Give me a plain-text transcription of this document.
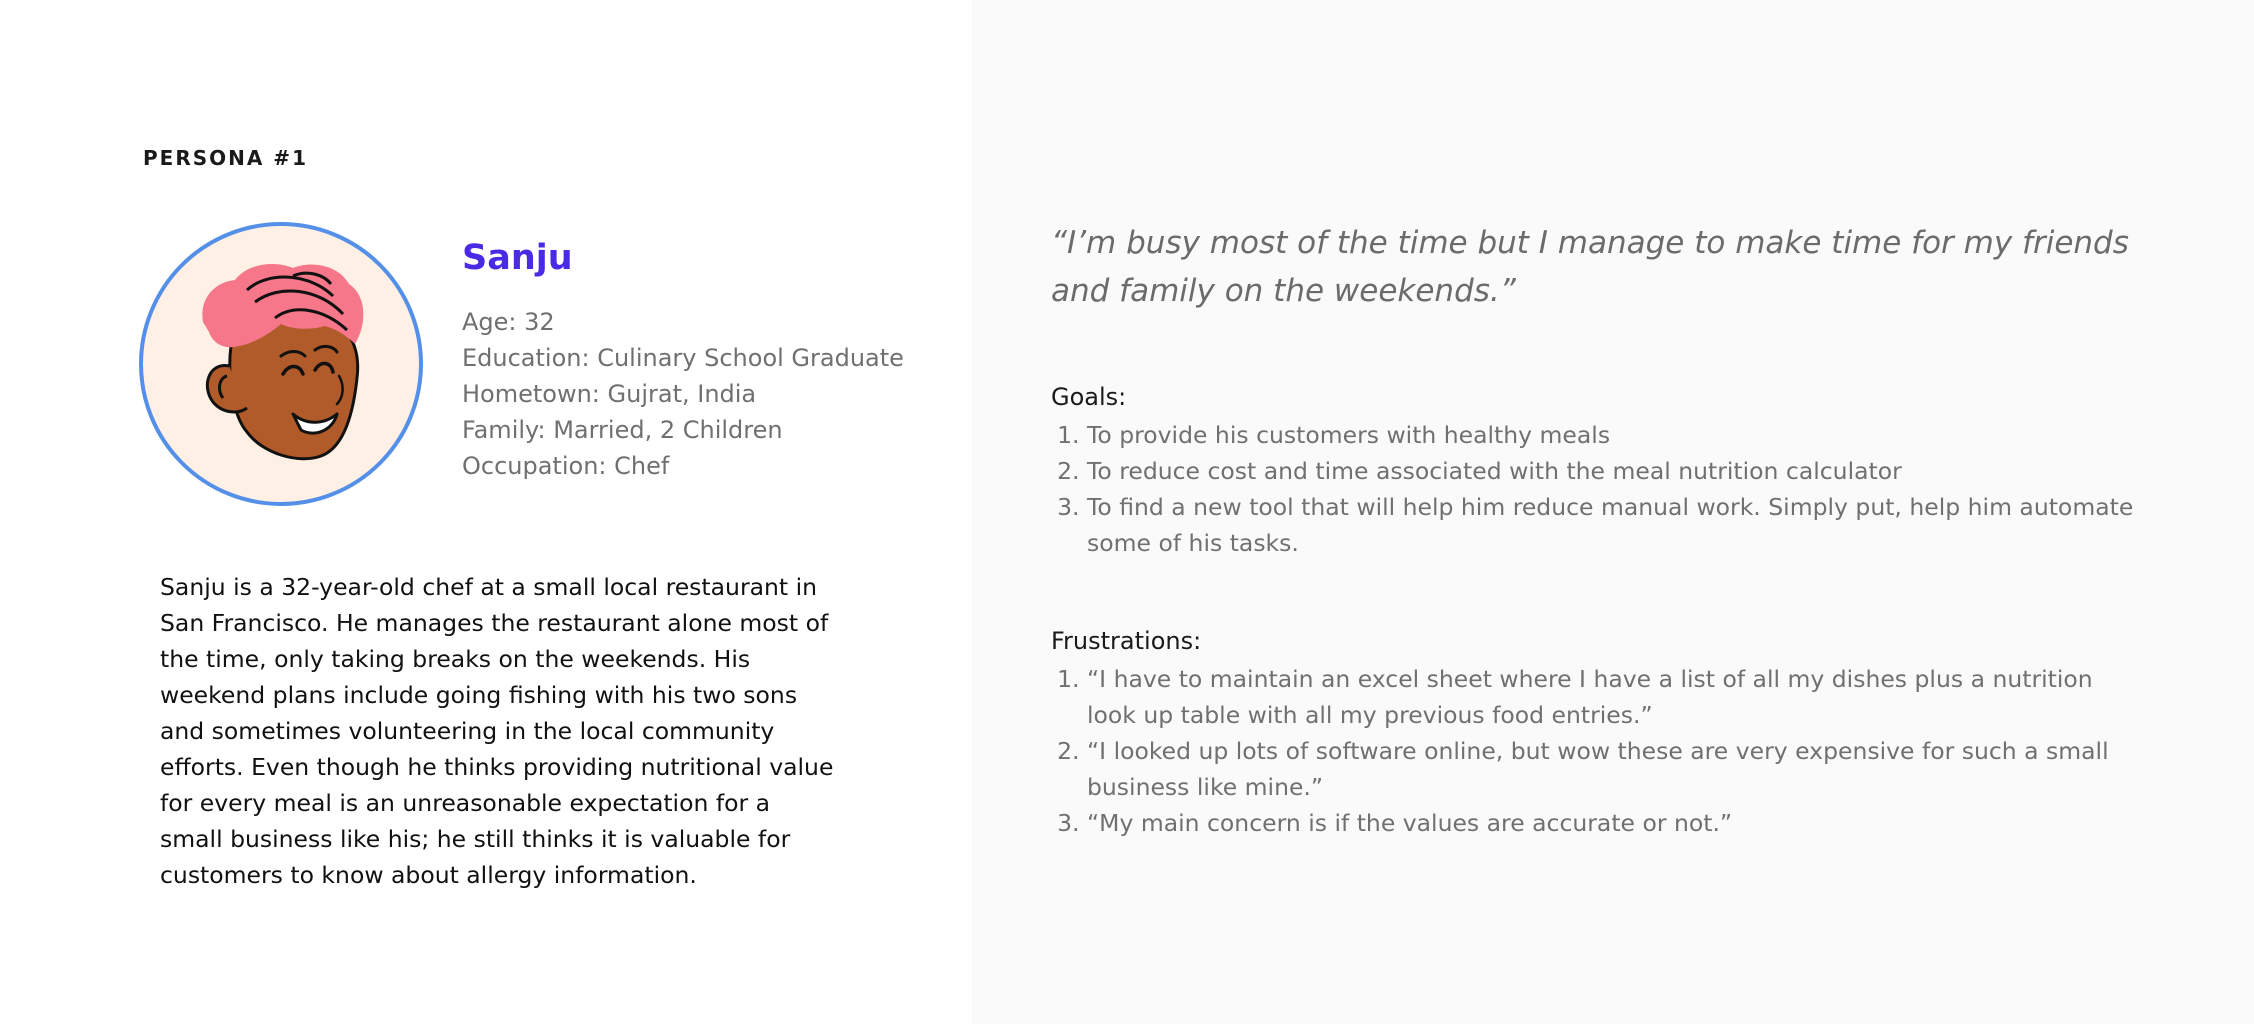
PERSONA #1
Sanju
Age: 32
Education: Culinary School Graduate
Hometown: Gujrat, India
Family: Married, 2 Children
Occupation: Chef
Sanju is a 32-year-old chef at a small local restaurant in San Francisco. He manages the restaurant alone most of the time, only taking breaks on the weekends. His weekend plans include going fishing with his two sons and sometimes volunteering in the local community efforts. Even though he thinks providing nutritional value for every meal is an unreasonable expectation for a small business like his; he still thinks it is valuable for customers to know about allergy information.
“I’m busy most of the time but I manage to make time for my friends and family on the weekends.”
Goals:
1. To provide his customers with healthy meals
2. To reduce cost and time associated with the meal nutrition calculator
3. To find a new tool that will help him reduce manual work. Simply put, help him automate some of his tasks.
Frustrations:
1. “I have to maintain an excel sheet where I have a list of all my dishes plus a nutrition look up table with all my previous food entries.”
2. “I looked up lots of software online, but wow these are very expensive for such a small business like mine.”
3. “My main concern is if the values are accurate or not.”
